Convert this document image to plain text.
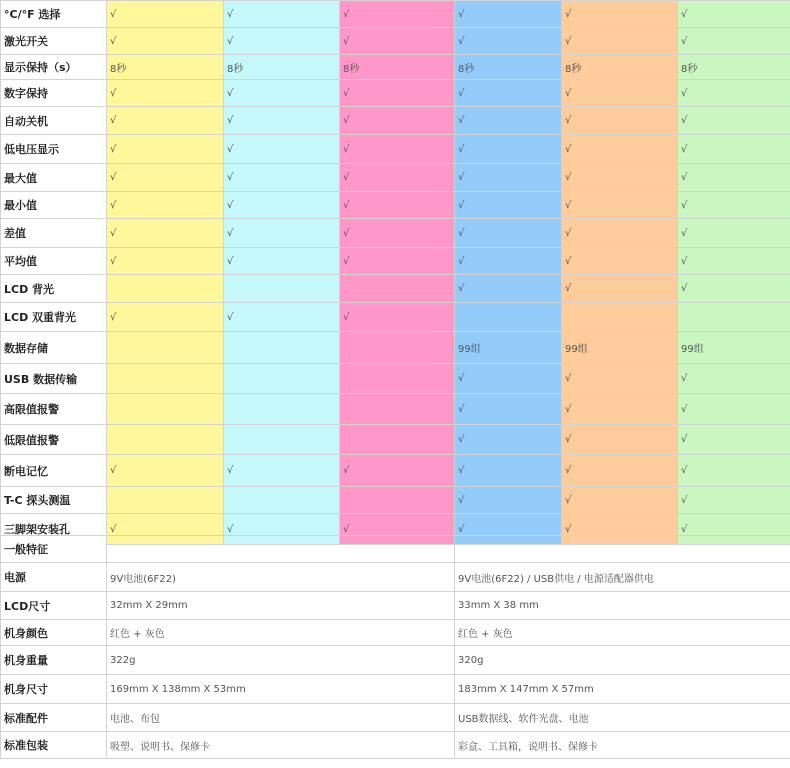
°C/°F 选择	√	√	√	√	√	√
激光开关	√	√	√	√	√	√
显示保持（s）	8秒	8秒	8秒	8秒	8秒	8秒
数字保持	√	√	√	√	√	√
自动关机	√	√	√	√	√	√
低电压显示	√	√	√	√	√	√
最大值	√	√	√	√	√	√
最小值	√	√	√	√	√	√
差值	√	√	√	√	√	√
平均值	√	√	√	√	√	√
LCD 背光				√	√	√
LCD 双重背光	√	√	√			
数据存储				99组	99组	99组
USB 数据传输				√	√	√
高限值报警				√	√	√
低限值报警				√	√	√
断电记忆	√	√	√	√	√	√
T-C 探头测温				√	√	√
三脚架安装孔	√	√	√	√	√	√
一般特征		
电源	9V电池(6F22)	9V电池(6F22) / USB供电 / 电源适配器供电
LCD尺寸	32mm X 29mm	33mm X 38 mm
机身颜色	红色 + 灰色	红色 + 灰色
机身重量	322g	320g
机身尺寸	169mm X 138mm X 53mm	183mm X 147mm X 57mm
标准配件	电池、布包	USB数据线、软件光盘、电池
标准包装	吸塑、说明书、保修卡	彩盒、工具箱，说明书、保修卡
